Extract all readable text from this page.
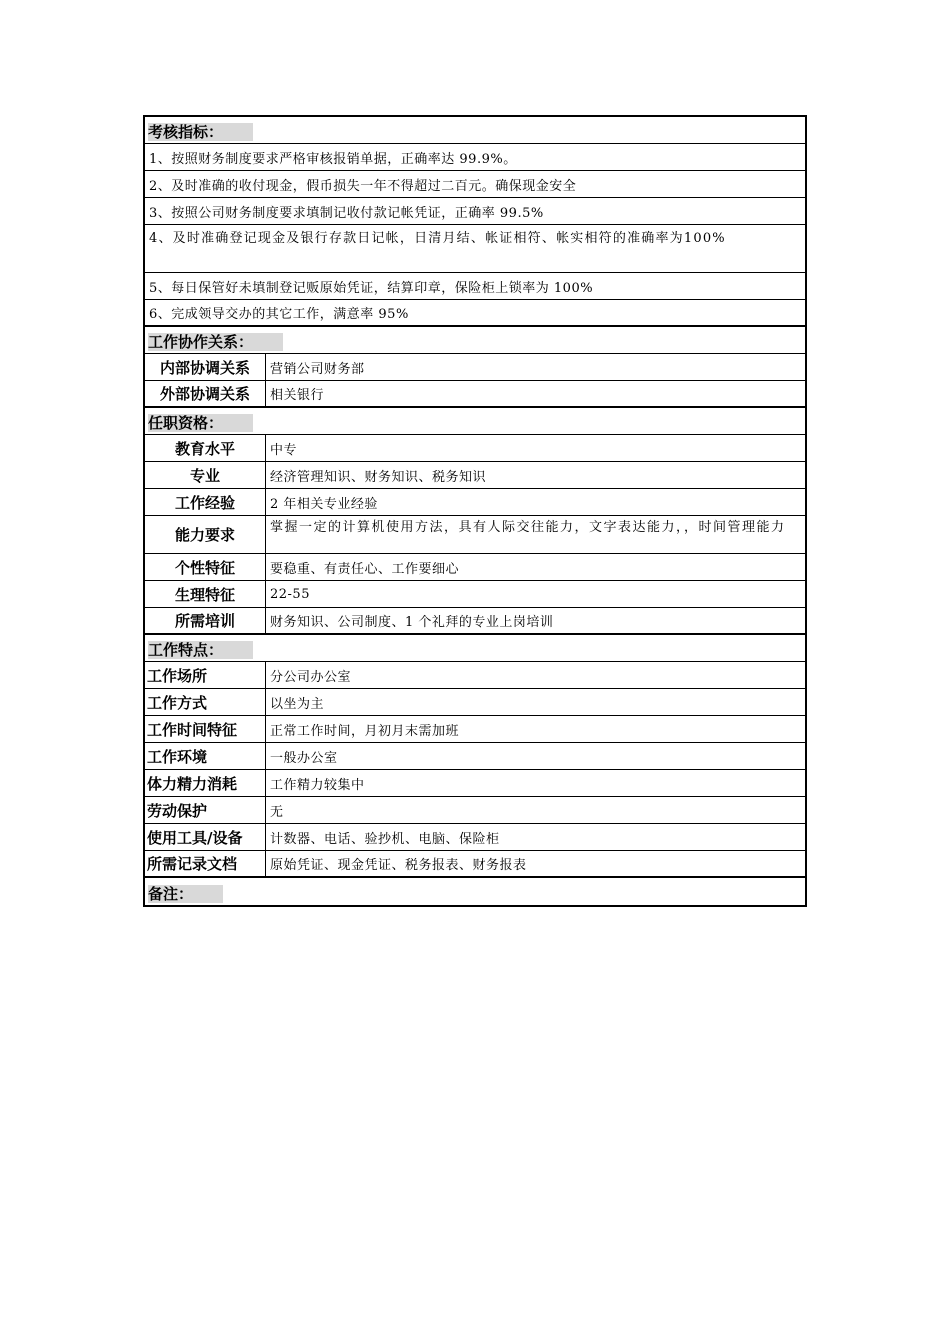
考核指标：
1、按照财务制度要求严格审核报销单据，正确率达 99.9%。
2、及时准确的收付现金，假币损失一年不得超过二百元。确保现金安全
3、按照公司财务制度要求填制记收付款记帐凭证，正确率 99.5%
4、及时准确登记现金及银行存款日记帐，日清月结、帐证相符、帐实相符的准确率为100%
5、每日保管好未填制登记贩原始凭证，结算印章，保险柜上锁率为 100%
6、完成领导交办的其它工作，满意率 95%
工作协作关系：
内部协调关系	营销公司财务部
外部协调关系	相关银行
任职资格：
教育水平	中专
专业	经济管理知识、财务知识、税务知识
工作经验	2 年相关专业经验
能力要求	掌握一定的计算机使用方法，具有人际交往能力，文字表达能力，，时间管理能力
个性特征	要稳重、有责任心、工作要细心
生理特征	22-55
所需培训	财务知识、公司制度、1 个礼拜的专业上岗培训
工作特点：
工作场所	分公司办公室
工作方式	以坐为主
工作时间特征	正常工作时间，月初月末需加班
工作环境	一般办公室
体力精力消耗	工作精力较集中
劳动保护	无
使用工具/设备	计数器、电话、验抄机、电脑、保险柜
所需记录文档	原始凭证、现金凭证、税务报表、财务报表
备注：
